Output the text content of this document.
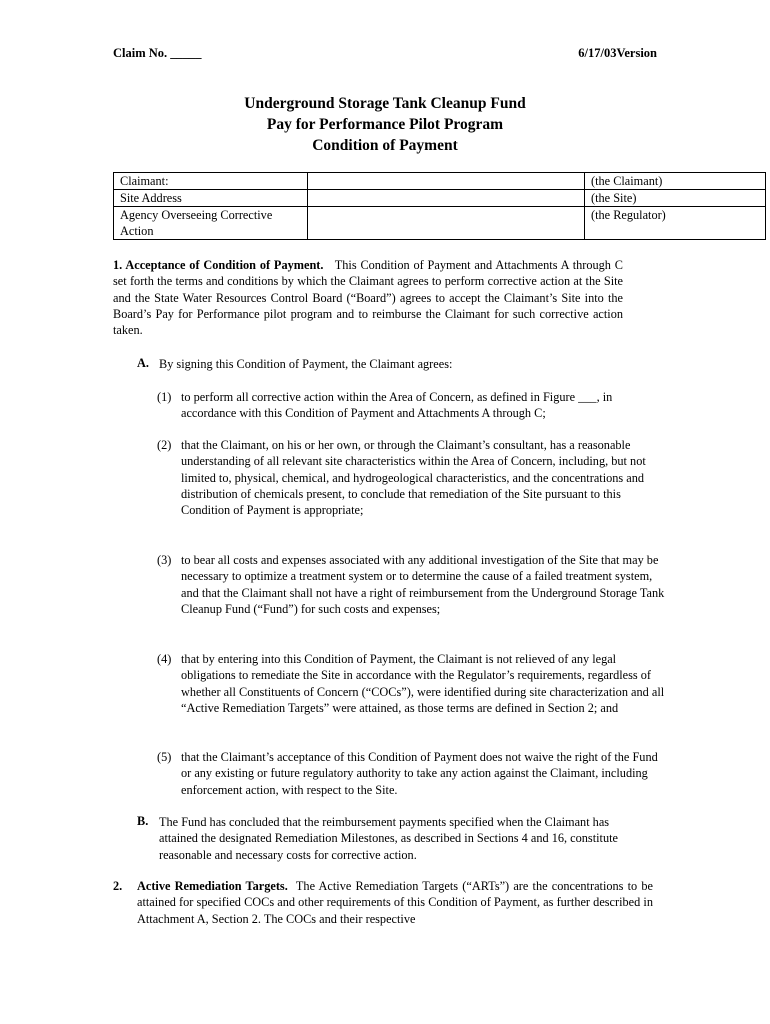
Claim No. _____	6/17/03Version
Underground Storage Tank Cleanup Fund
Pay for Performance Pilot Program
Condition of Payment
Claimant:		(the Claimant)
Site Address		(the Site)
Agency Overseeing Corrective Action		(the Regulator)
1. Acceptance of Condition of Payment. This Condition of Payment and Attachments A through C set forth the terms and conditions by which the Claimant agrees to perform corrective action at the Site and the State Water Resources Control Board (“Board”) agrees to accept the Claimant’s Site into the Board’s Pay for Performance pilot program and to reimburse the Claimant for such corrective action taken.
A. By signing this Condition of Payment, the Claimant agrees:
(1) to perform all corrective action within the Area of Concern, as defined in Figure ___, in accordance with this Condition of Payment and Attachments A through C;
(2) that the Claimant, on his or her own, or through the Claimant’s consultant, has a reasonable understanding of all relevant site characteristics within the Area of Concern, including, but not limited to, physical, chemical, and hydrogeological characteristics, and the concentrations and distribution of chemicals present, to conclude that remediation of the Site pursuant to this Condition of Payment is appropriate;
(3) to bear all costs and expenses associated with any additional investigation of the Site that may be necessary to optimize a treatment system or to determine the cause of a failed treatment system, and that the Claimant shall not have a right of reimbursement from the Underground Storage Tank Cleanup Fund (“Fund”) for such costs and expenses;
(4) that by entering into this Condition of Payment, the Claimant is not relieved of any legal obligations to remediate the Site in accordance with the Regulator’s requirements, regardless of whether all Constituents of Concern (“COCs”), were identified during site characterization and all “Active Remediation Targets” were attained, as those terms are defined in Section 2; and
(5) that the Claimant’s acceptance of this Condition of Payment does not waive the right of the Fund or any existing or future regulatory authority to take any action against the Claimant, including enforcement action, with respect to the Site.
B. The Fund has concluded that the reimbursement payments specified when the Claimant has attained the designated Remediation Milestones, as described in Sections 4 and 16, constitute reasonable and necessary costs for corrective action.
2. Active Remediation Targets. The Active Remediation Targets (“ARTs”) are the concentrations to be attained for specified COCs and other requirements of this Condition of Payment, as further described in Attachment A, Section 2. The COCs and their respective
